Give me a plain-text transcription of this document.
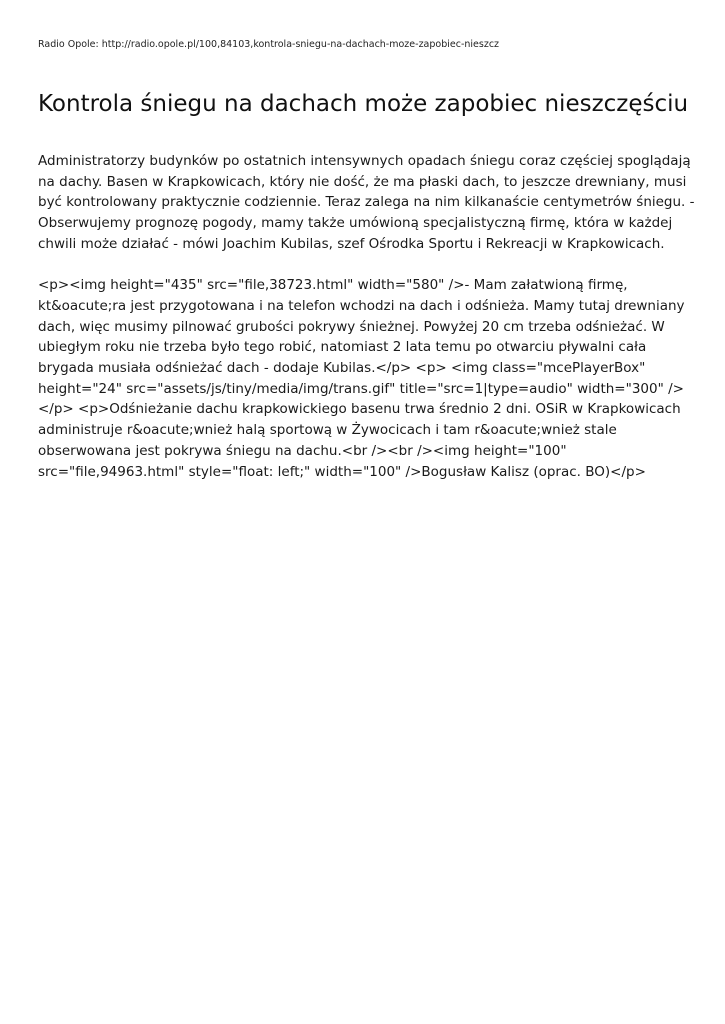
Radio Opole: http://radio.opole.pl/100,84103,kontrola-sniegu-na-dachach-moze-zapobiec-nieszcz
Kontrola śniegu na dachach może zapobiec nieszczęściu

Administratorzy budynków po ostatnich intensywnych opadach śniegu coraz częściej spoglądają na dachy. Basen w Krapkowicach, który nie dość, że ma płaski dach, to jeszcze drewniany, musi być kontrolowany praktycznie codziennie. Teraz zalega na nim kilkanaście centymetrów śniegu. - Obserwujemy prognozę pogody, mamy także umówioną specjalistyczną firmę, która w każdej chwili może działać - mówi Joachim Kubilas, szef Ośrodka Sportu i Rekreacji w Krapkowicach.

<p><img height="435" src="file,38723.html" width="580" />- Mam załatwioną firmę, kt&oacute;ra jest przygotowana i na telefon wchodzi na dach i odśnieża. Mamy tutaj drewniany dach, więc musimy pilnować grubości pokrywy śnieżnej. Powyżej 20 cm trzeba odśnieżać. W ubiegłym roku nie trzeba było tego robić, natomiast 2 lata temu po otwarciu pływalni cała brygada musiała odśnieżać dach - dodaje Kubilas.</p> <p> <img class="mcePlayerBox" height="24" src="assets/js/tiny/media/img/trans.gif" title="src=1|type=audio" width="300" /></p> <p>Odśnieżanie dachu krapkowickiego basenu trwa średnio 2 dni. OSiR w Krapkowicach administruje r&oacute;wnież halą sportową w Żywocicach i tam r&oacute;wnież stale obserwowana jest pokrywa śniegu na dachu.<br /><br /><img height="100" src="file,94963.html" style="float: left;" width="100" />Bogusław Kalisz (oprac. BO)</p>
